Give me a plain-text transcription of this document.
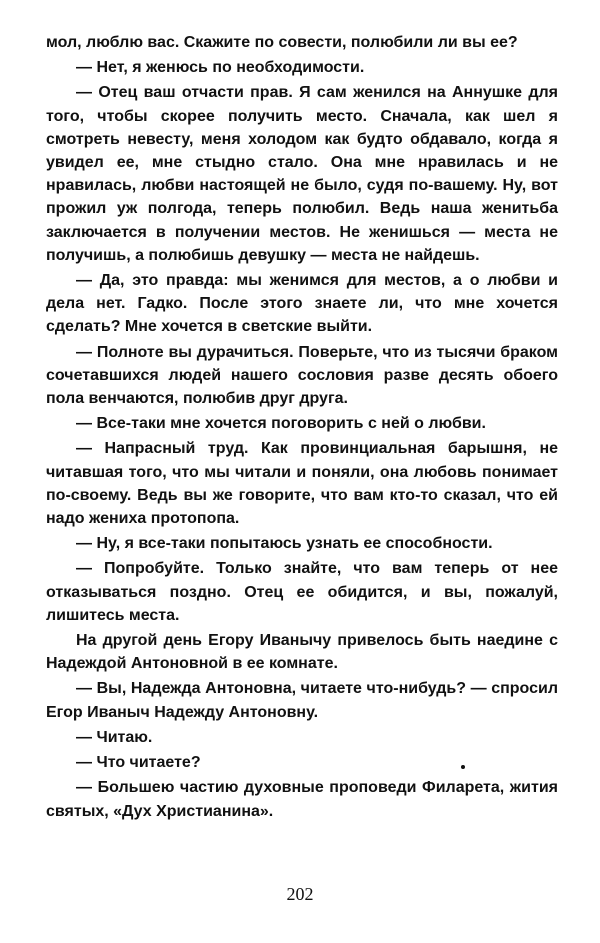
мол, люблю вас. Скажите по совести, полюбили ли вы ее?

— Нет, я женюсь по необходимости.

— Отец ваш отчасти прав. Я сам женился на Аннушке для того, чтобы скорее получить место. Сначала, как шел я смотреть невесту, меня холодом как будто обдавало, когда я увидел ее, мне стыдно стало. Она мне нравилась и не нравилась, любви настоящей не было, судя по-вашему. Ну, вот прожил уж полгода, теперь полюбил. Ведь наша женитьба заключается в получении местов. Не женишься — места не получишь, а полюбишь девушку — места не найдешь.

— Да, это правда: мы женимся для местов, а о любви и дела нет. Гадко. После этого знаете ли, что мне хочется сделать? Мне хочется в светские выйти.

— Полноте вы дурачиться. Поверьте, что из тысячи браком сочетавшихся людей нашего сословия разве десять обоего пола венчаются, полюбив друг друга.

— Все-таки мне хочется поговорить с ней о любви.

— Напрасный труд. Как провинциальная барышня, не читавшая того, что мы читали и поняли, она любовь понимает по-своему. Ведь вы же говорите, что вам кто-то сказал, что ей надо жениха протопопа.

— Ну, я все-таки попытаюсь узнать ее способности.

— Попробуйте. Только знайте, что вам теперь от нее отказываться поздно. Отец ее обидится, и вы, пожалуй, лишитесь места.

На другой день Егору Иванычу привелось быть наедине с Надеждой Антоновной в ее комнате.

— Вы, Надежда Антоновна, читаете что-нибудь? — спросил Егор Иваныч Надежду Антоновну.

— Читаю.

— Что читаете?

— Большею частию духовные проповеди Филарета, жития святых, «Дух Христианина».

202
